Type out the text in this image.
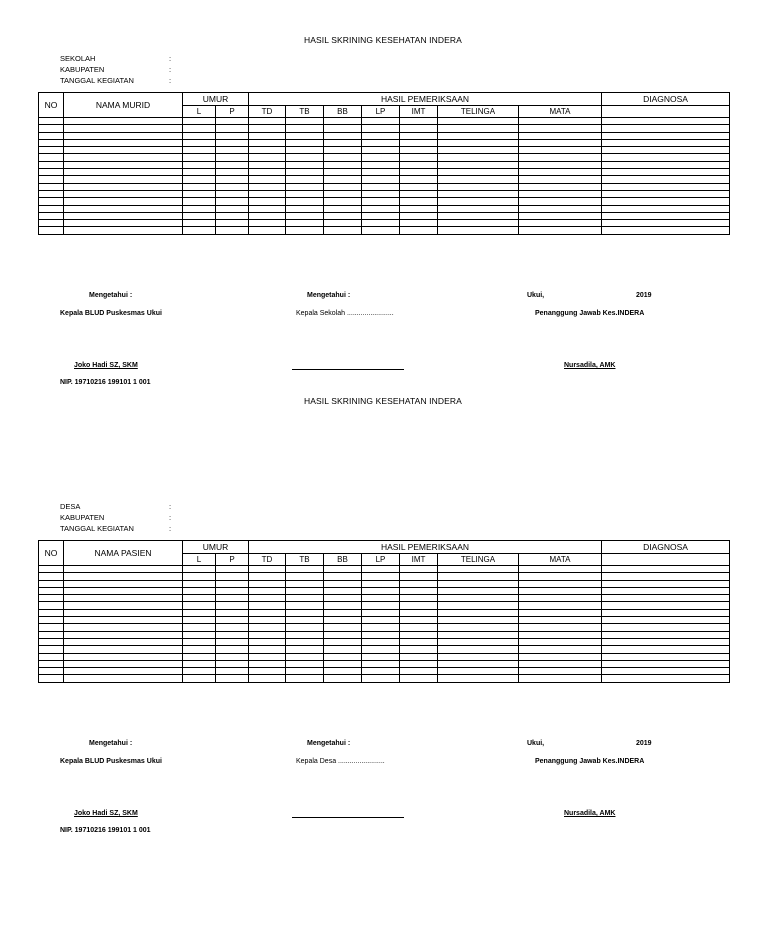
HASIL SKRINING KESEHATAN INDERA
SEKOLAH	:
KABUPATEN	:
TANGGAL KEGIATAN	:
NO	NAMA MURID	UMUR		HASIL PEMERIKSAAN							DIAGNOSA
		L	P	TD	TB	BB	LP	IMT	TELINGA	MATA	

Mengetahui :	Mengetahui :	Ukui,	2019
Kepala BLUD Puskesmas Ukui	Kepala Sekolah ........................	Penanggung Jawab Kes.INDERA
Joko Hadi SZ, SKM	Nursadila, AMK
NIP. 19710216 199101 1 001
HASIL SKRINING KESEHATAN INDERA
DESA	:
KABUPATEN	:
TANGGAL KEGIATAN	:
NO	NAMA PASIEN	UMUR		HASIL PEMERIKSAAN							DIAGNOSA
		L	P	TD	TB	BB	LP	IMT	TELINGA	MATA	

Mengetahui :	Mengetahui :	Ukui,	2019
Kepala BLUD Puskesmas Ukui	Kepala Desa ........................	Penanggung Jawab Kes.INDERA
Joko Hadi SZ, SKM	Nursadila, AMK
NIP. 19710216 199101 1 001
